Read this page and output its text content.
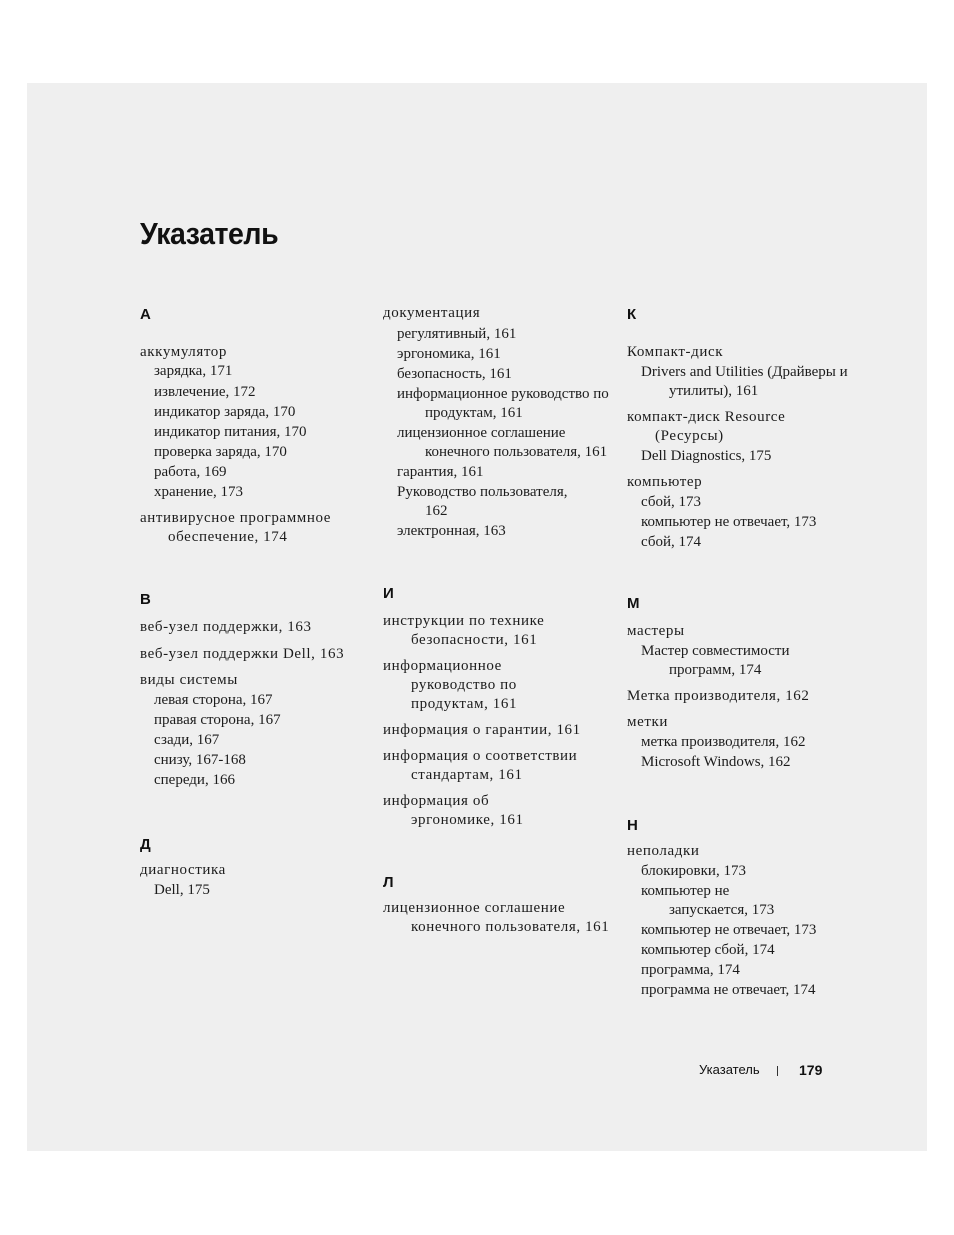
Указатель
А
аккумулятор
зарядка, 171
извлечение, 172
индикатор заряда, 170
индикатор питания, 170
проверка заряда, 170
работа, 169
хранение, 173
антивирусное программное обеспечение, 174
В
веб-узел поддержки, 163
веб-узел поддержки Dell, 163
виды системы
левая сторона, 167
правая сторона, 167
сзади, 167
снизу, 167-168
спереди, 166
Д
диагностика
Dell, 175
документация
регулятивный, 161
эргономика, 161
безопасность, 161
информационное руководство по продуктам, 161
лицензионное соглашение конечного пользователя, 161
гарантия, 161
Руководство пользователя, 162
электронная, 163
И
инструкции по технике безопасности, 161
информационное руководство по продуктам, 161
информация о гарантии, 161
информация о соответствии стандартам, 161
информация об эргономике, 161
Л
лицензионное соглашение конечного пользователя, 161
К
Компакт-диск
Drivers and Utilities (Драйверы и утилиты), 161
компакт-диск Resource (Ресурсы)
Dell Diagnostics, 175
компьютер
сбой, 173
компьютер не отвечает, 173
сбой, 174
М
мастеры
Мастер совместимости программ, 174
Метка производителя, 162
метки
метка производителя, 162
Microsoft Windows, 162
Н
неполадки
блокировки, 173
компьютер не запускается, 173
компьютер не отвечает, 173
компьютер сбой, 174
программа, 174
программа не отвечает, 174
Указатель	179
